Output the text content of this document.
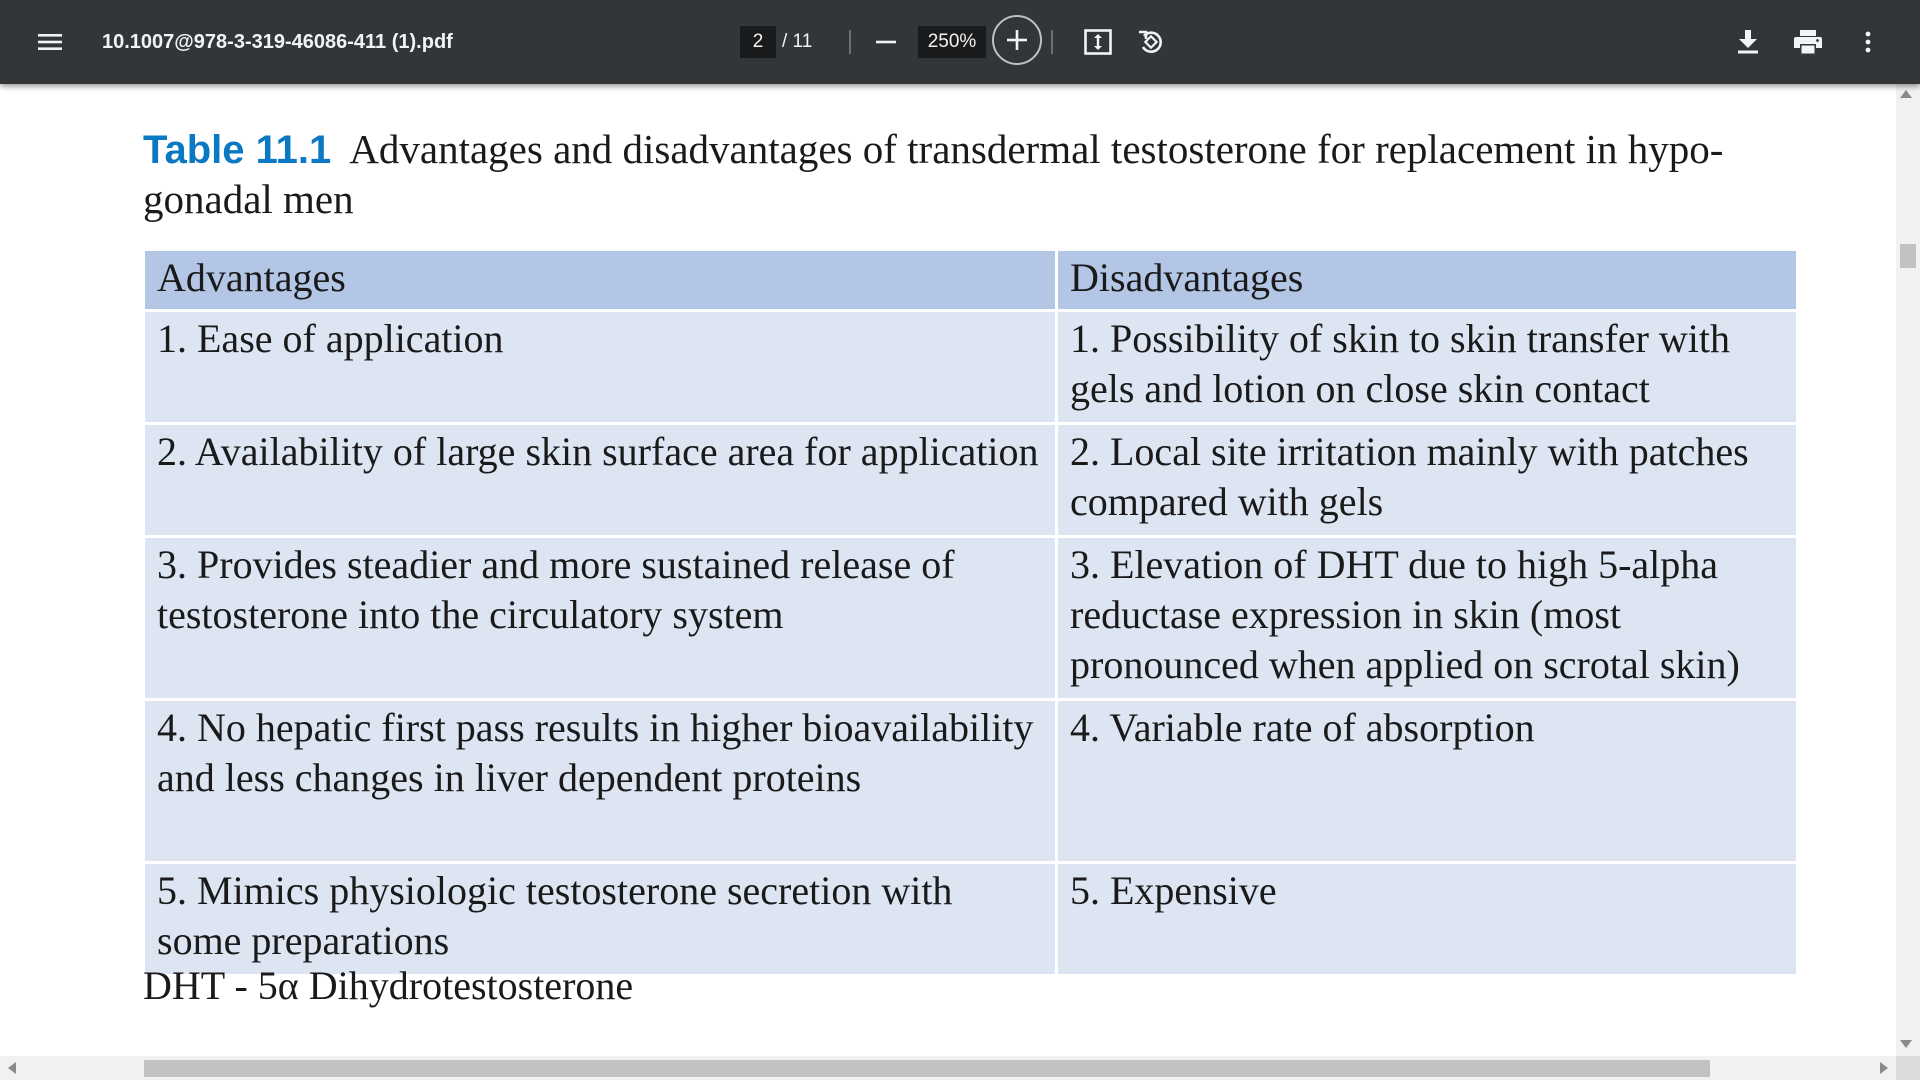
10.1007@978-3-319-46086-411 (1).pdf
2	/ 11
250%
Table 11.1 Advantages and disadvantages of transdermal testosterone for replacement in hypo-gonadal men
Advantages	Disadvantages
1. Ease of application	1. Possibility of skin to skin transfer with gels and lotion on close skin contact
2. Availability of large skin surface area for application	2. Local site irritation mainly with patches compared with gels
3. Provides steadier and more sustained release of testosterone into the circulatory system	3. Elevation of DHT due to high 5-alpha reductase expression in skin (most pronounced when applied on scrotal skin)
4. No hepatic first pass results in higher bioavailability and less changes in liver dependent proteins	4. Variable rate of absorption
5. Mimics physiologic testosterone secretion with some preparations	5. Expensive
DHT - 5α Dihydrotestosterone
